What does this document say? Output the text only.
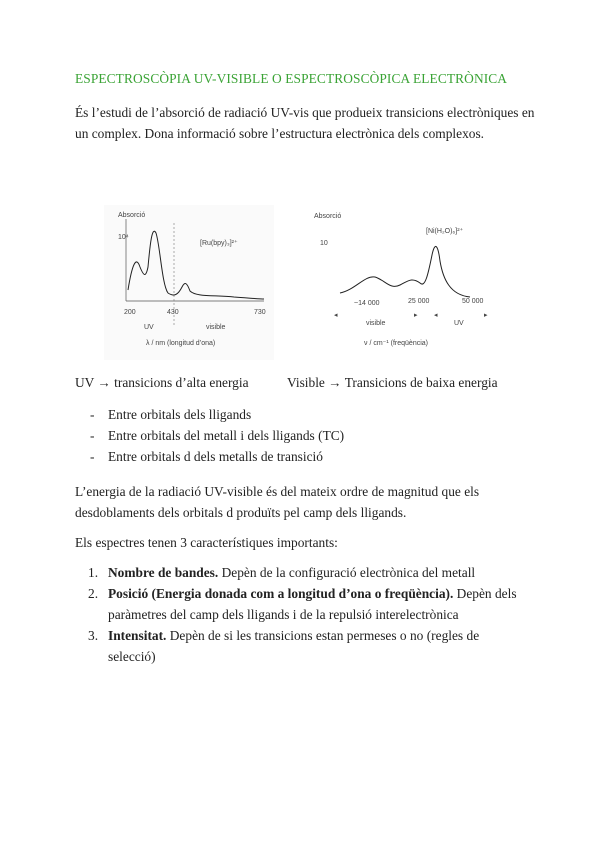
ESPECTROSCÒPIA UV-VISIBLE O ESPECTROSCÒPICA ELECTRÒNICA
És l’estudi de l’absorció de radiació UV-vis que produeix transicions electròniques en un complex. Dona informació sobre l’estructura electrònica dels complexos.
Absorció
10⁴
[Ru(bpy)₃]²⁺
200	430	730
UV	visible
λ / nm (longitud d’ona)
Absorció
10
[Ni(H₂O)₆]²⁺
~14 000	25 000	50 000
◂	▸ ◂	▸
visible	UV
ν / cm⁻¹ (freqüència)
UV → transicions d’alta energia	Visible → Transicions de baixa energia
- Entre orbitals dels lligands
- Entre orbitals del metall i dels lligands (TC)
- Entre orbitals d dels metalls de transició
L’energia de la radiació UV-visible és del mateix ordre de magnitud que els desdoblaments dels orbitals d produïts pel camp dels lligands.
Els espectres tenen 3 característiques importants:
1. Nombre de bandes. Depèn de la configuració electrònica del metall
2. Posició (Energia donada com a longitud d’ona o freqüència). Depèn dels paràmetres del camp dels lligands i de la repulsió interelectrònica
3. Intensitat. Depèn de si les transicions estan permeses o no (regles de selecció)
